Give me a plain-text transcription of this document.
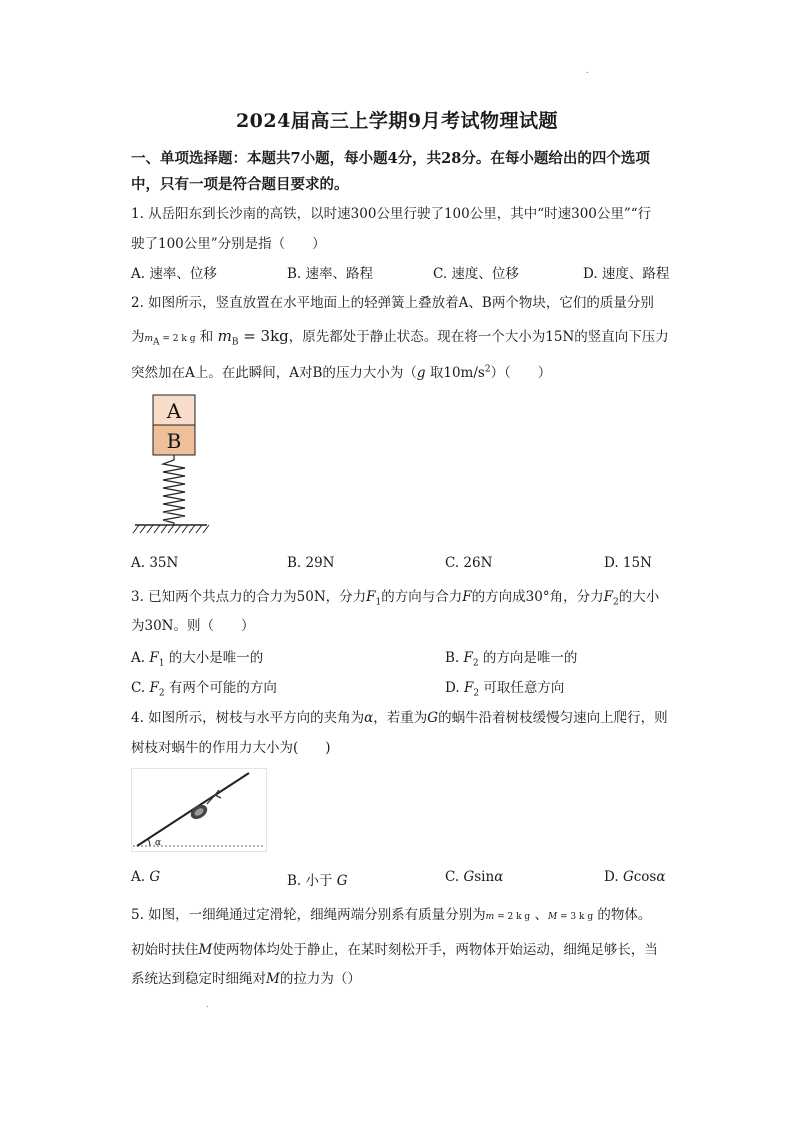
.
2024届高三上学期9月考试物理试题
一、单项选择题：本题共7小题，每小题4分，共28分。在每小题给出的四个选项中，只有一项是符合题目要求的。
1. 从岳阳东到长沙南的高铁，以时速300公里行驶了100公里，其中“时速300公里”“行
驶了100公里”分别是指（　　）
A. 速率、位移	B. 速率、路程	C. 速度、位移	D. 速度、路程
2. 如图所示，竖直放置在水平地面上的轻弹簧上叠放着A、B两个物块，它们的质量分别
为$m_A = 2$ k g 和 $m_B = 3kg$，原先都处于静止状态。现在将一个大小为15N的竖直向下压力
突然加在A上。在此瞬间，A对B的压力大小为（g 取$10m/s^2$）（　　）
A
B
A. 35N	B. 29N	C. 26N	D. 15N
3. 已知两个共点力的合力为50N，分力$F_1$的方向与合力F的方向成30°角，分力$F_2$的大小
为30N。则（　　）
A. $F_1$ 的大小是唯一的	B. $F_2$ 的方向是唯一的
C. $F_2$ 有两个可能的方向	D. $F_2$ 可取任意方向
4. 如图所示，树枝与水平方向的夹角为α，若重为G的蜗牛沿着树枝缓慢匀速向上爬行，则
树枝对蜗牛的作用力大小为(　　)
α
A. G	B. 小于 G	C. Gsinα	D. Gcosα
5. 如图，一细绳通过定滑轮，细绳两端分别系有质量分别为m = 2 k g 、M = 3 k g 的物体。
初始时扶住M使两物体均处于静止，在某时刻松开手，两物体开始运动，细绳足够长，当
系统达到稳定时细绳对M的拉力为（）
.
